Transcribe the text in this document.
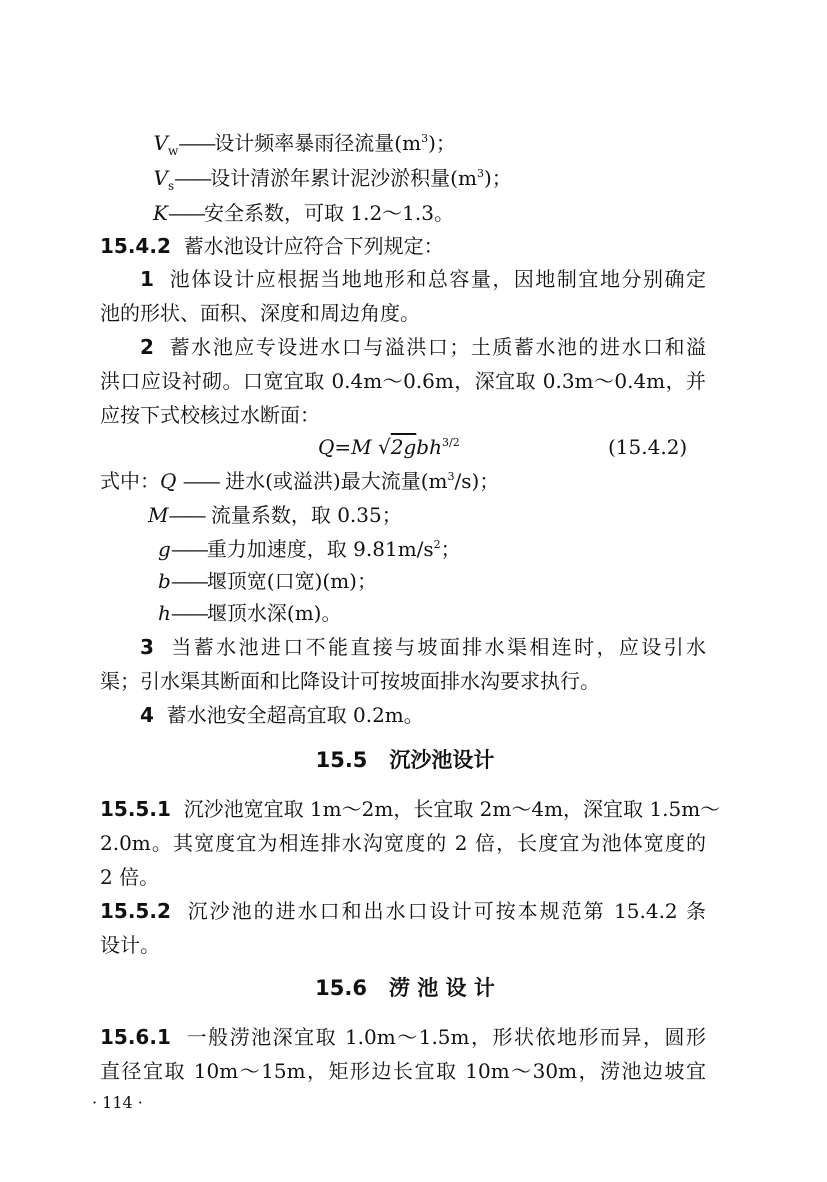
$V_w——$设计频率暴雨径流量$(m^3)$；
$V_s——$设计清淤年累计泥沙淤积量$(m^3)$；
K——安全系数，可取 1.2～1.3。
15.4.2 蓄水池设计应符合下列规定：
1 池体设计应根据当地地形和总容量，因地制宜地分别确定
池的形状、面积、深度和周边角度。
2 蓄水池应专设进水口与溢洪口；土质蓄水池的进水口和溢
洪口应设衬砌。口宽宜取 0.4m～0.6m，深宜取 0.3m～0.4m，并
应按下式校核过水断面：
Q=M √2gbh$^{3/2}$	(15.4.2)
式中：Q —— 进水(或溢洪)最大流量$(m^3/s)$；
M—— 流量系数，取 0.35；
g——重力加速度，取 $9.81m/s^2$；
b——堰顶宽(口宽)(m)；
h——堰顶水深(m)。
3 当蓄水池进口不能直接与坡面排水渠相连时，应设引水
渠；引水渠其断面和比降设计可按坡面排水沟要求执行。
4 蓄水池安全超高宜取 0.2m。
15.5 沉沙池设计
15.5.1 沉沙池宽宜取 1m～2m，长宜取 2m～4m，深宜取 1.5m～
2.0m。其宽度宜为相连排水沟宽度的 2 倍，长度宜为池体宽度的
2 倍。
15.5.2 沉沙池的进水口和出水口设计可按本规范第 15.4.2 条
设计。
15.6 涝 池 设 计
15.6.1 一般涝池深宜取 1.0m～1.5m，形状依地形而异，圆形
直径宜取 10m～15m，矩形边长宜取 10m～30m，涝池边坡宜
· 114 ·
